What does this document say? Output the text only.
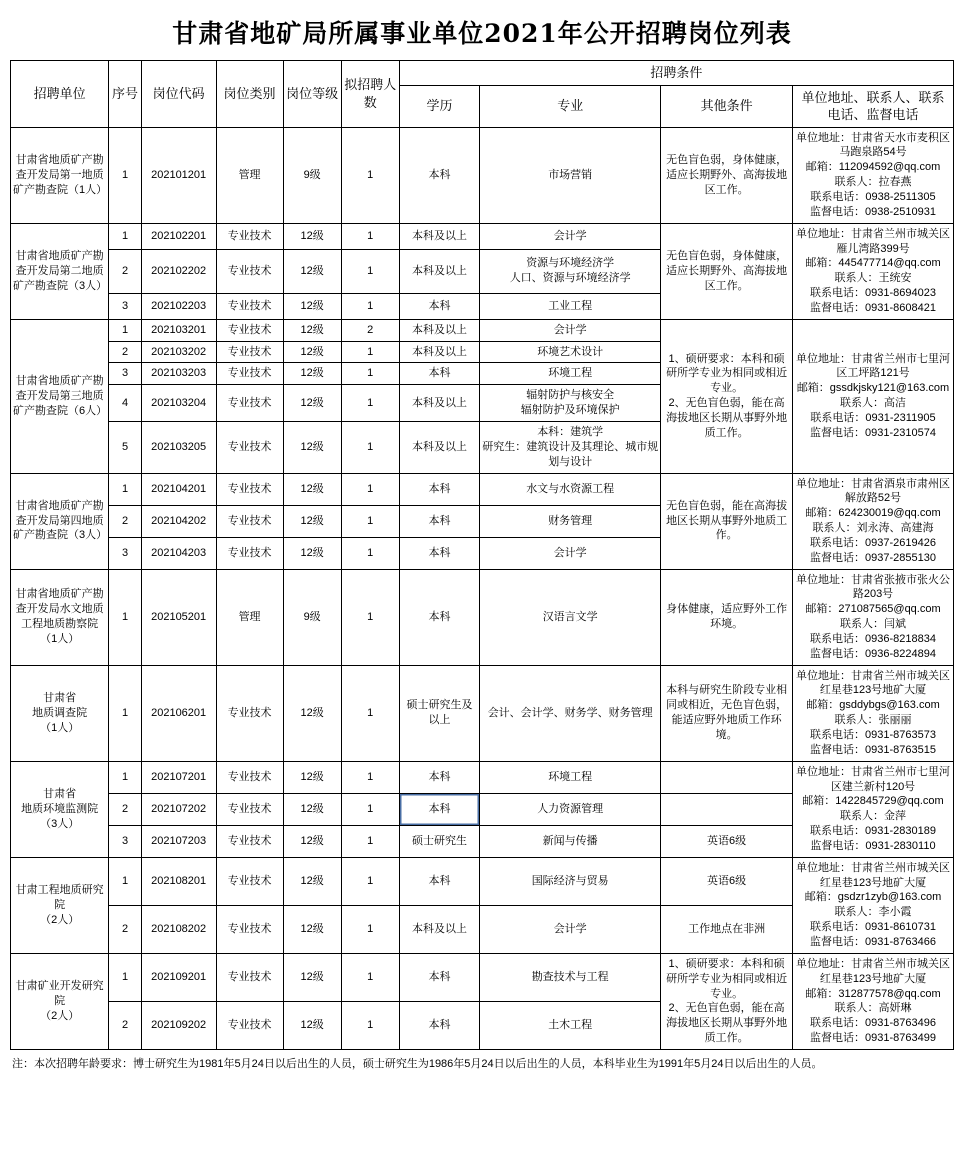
甘肃省地矿局所属事业单位2021年公开招聘岗位列表
招聘单位	序号	岗位代码	岗位类别	岗位等级	拟招聘人数	招聘条件			
						学历	专业	其他条件	单位地址、联系人、联系电话、监督电话
甘肃省地质矿产勘查开发局第一地质矿产勘查院（1人）	1	202101201	管理	9级	1	本科	市场营销	无色盲色弱，身体健康，适应长期野外、高海拔地区工作。	单位地址：甘肃省天水市麦积区马跑泉路54号
邮箱：112094592@qq.com
联系人：拉春燕
联系电话：0938-2511305
监督电话：0938-2510931
甘肃省地质矿产勘查开发局第二地质矿产勘查院（3人）	1	202102201	专业技术	12级	1	本科及以上	会计学	无色盲色弱，身体健康，适应长期野外、高海拔地区工作。	单位地址：甘肃省兰州市城关区雁儿湾路399号
邮箱：445477714@qq.com
联系人：王统安
联系电话：0931-8694023
监督电话：0931-8608421
	2	202102202	专业技术	12级	1	本科及以上	资源与环境经济学
人口、资源与环境经济学		
	3	202102203	专业技术	12级	1	本科	工业工程		
甘肃省地质矿产勘查开发局第三地质矿产勘查院（6人）	1	202103201	专业技术	12级	2	本科及以上	会计学	1、硕研要求：本科和硕研所学专业为相同或相近专业。
2、无色盲色弱，能在高海拔地区长期从事野外地质工作。	单位地址：甘肃省兰州市七里河区工坪路121号
邮箱：gssdkjsky121@163.com
联系人：高洁
联系电话：0931-2311905
监督电话：0931-2310574
	2	202103202	专业技术	12级	1	本科及以上	环境艺术设计		
	3	202103203	专业技术	12级	1	本科	环境工程		
	4	202103204	专业技术	12级	1	本科及以上	辐射防护与核安全
辐射防护及环境保护		
	5	202103205	专业技术	12级	1	本科及以上	本科：建筑学
研究生：建筑设计及其理论、城市规划与设计		
甘肃省地质矿产勘查开发局第四地质矿产勘查院（3人）	1	202104201	专业技术	12级	1	本科	水文与水资源工程	无色盲色弱，能在高海拔地区长期从事野外地质工作。	单位地址：甘肃省酒泉市肃州区解放路52号
邮箱：624230019@qq.com
联系人：刘永涛、高建海
联系电话：0937-2619426
监督电话：0937-2855130
	2	202104202	专业技术	12级	1	本科	财务管理		
	3	202104203	专业技术	12级	1	本科	会计学		
甘肃省地质矿产勘查开发局水文地质工程地质勘察院（1人）	1	202105201	管理	9级	1	本科	汉语言文学	身体健康，适应野外工作环境。	单位地址：甘肃省张掖市张火公路203号
邮箱：271087565@qq.com
联系人：闫斌
联系电话：0936-8218834
监督电话：0936-8224894
甘肃省
地质调查院
（1人）	1	202106201	专业技术	12级	1	硕士研究生及以上	会计、会计学、财务学、财务管理	本科与研究生阶段专业相同或相近，无色盲色弱，能适应野外地质工作环境。	单位地址：甘肃省兰州市城关区红星巷123号地矿大厦
邮箱：gsddybgs@163.com
联系人：张丽丽
联系电话：0931-8763573
监督电话：0931-8763515
甘肃省
地质环境监测院
（3人）	1	202107201	专业技术	12级	1	本科	环境工程		单位地址：甘肃省兰州市七里河区建兰新村120号
邮箱：1422845729@qq.com
联系人：金萍
联系电话：0931-2830189
监督电话：0931-2830110
	2	202107202	专业技术	12级	1	本科	人力资源管理		
	3	202107203	专业技术	12级	1	硕士研究生	新闻与传播	英语6级	
甘肃工程地质研究院
（2人）	1	202108201	专业技术	12级	1	本科	国际经济与贸易	英语6级	单位地址：甘肃省兰州市城关区红星巷123号地矿大厦
邮箱：gsdzr1zyb@163.com
联系人：李小霞
联系电话：0931-8610731
监督电话：0931-8763466
	2	202108202	专业技术	12级	1	本科及以上	会计学	工作地点在非洲	
甘肃矿业开发研究院
（2人）	1	202109201	专业技术	12级	1	本科	勘查技术与工程	1、硕研要求：本科和硕研所学专业为相同或相近专业。
2、无色盲色弱，能在高海拔地区长期从事野外地质工作。	单位地址：甘肃省兰州市城关区红星巷123号地矿大厦
邮箱：312877578@qq.com
联系人：高妍琳
联系电话：0931-8763496
监督电话：0931-8763499
	2	202109202	专业技术	12级	1	本科	土木工程		
注：本次招聘年龄要求：博士研究生为1981年5月24日以后出生的人员，硕士研究生为1986年5月24日以后出生的人员，本科毕业生为1991年5月24日以后出生的人员。
